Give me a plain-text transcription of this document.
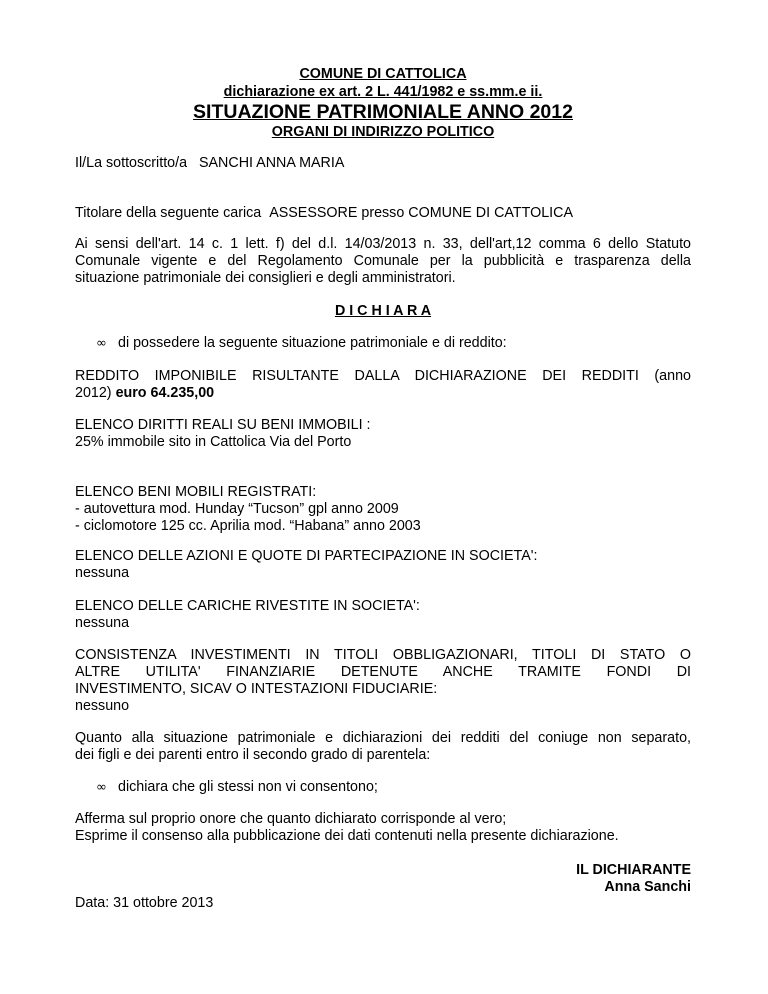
COMUNE DI CATTOLICA
dichiarazione ex art. 2 L. 441/1982 e ss.mm.e ii.
SITUAZIONE PATRIMONIALE ANNO 2012
ORGANI DI INDIRIZZO POLITICO
Il/La sottoscritto/a SANCHI ANNA MARIA
Titolare della seguente carica ASSESSORE presso COMUNE DI CATTOLICA
Ai sensi dell'art. 14 c. 1 lett. f) del d.l. 14/03/2013 n. 33, dell'art,12 comma 6 dello Statuto
Comunale vigente e del Regolamento Comunale per la pubblicità e trasparenza della
situazione patrimoniale dei consiglieri e degli amministratori.
D I C H I A R A
∞ di possedere la seguente situazione patrimoniale e di reddito:
REDDITO IMPONIBILE RISULTANTE DALLA DICHIARAZIONE DEI REDDITI (anno
2012) euro 64.235,00
ELENCO DIRITTI REALI SU BENI IMMOBILI :
25% immobile sito in Cattolica Via del Porto
ELENCO BENI MOBILI REGISTRATI:
- autovettura mod. Hunday “Tucson” gpl anno 2009
- ciclomotore 125 cc. Aprilia mod. “Habana” anno 2003
ELENCO DELLE AZIONI E QUOTE DI PARTECIPAZIONE IN SOCIETA':
nessuna
ELENCO DELLE CARICHE RIVESTITE IN SOCIETA':
nessuna
CONSISTENZA INVESTIMENTI IN TITOLI OBBLIGAZIONARI, TITOLI DI STATO O
ALTRE UTILITA' FINANZIARIE DETENUTE ANCHE TRAMITE FONDI DI
INVESTIMENTO, SICAV O INTESTAZIONI FIDUCIARIE:
nessuno
Quanto alla situazione patrimoniale e dichiarazioni dei redditi del coniuge non separato,
dei figli e dei parenti entro il secondo grado di parentela:
∞ dichiara che gli stessi non vi consentono;
Afferma sul proprio onore che quanto dichiarato corrisponde al vero;
Esprime il consenso alla pubblicazione dei dati contenuti nella presente dichiarazione.
IL DICHIARANTE
Anna Sanchi
Data: 31 ottobre 2013
